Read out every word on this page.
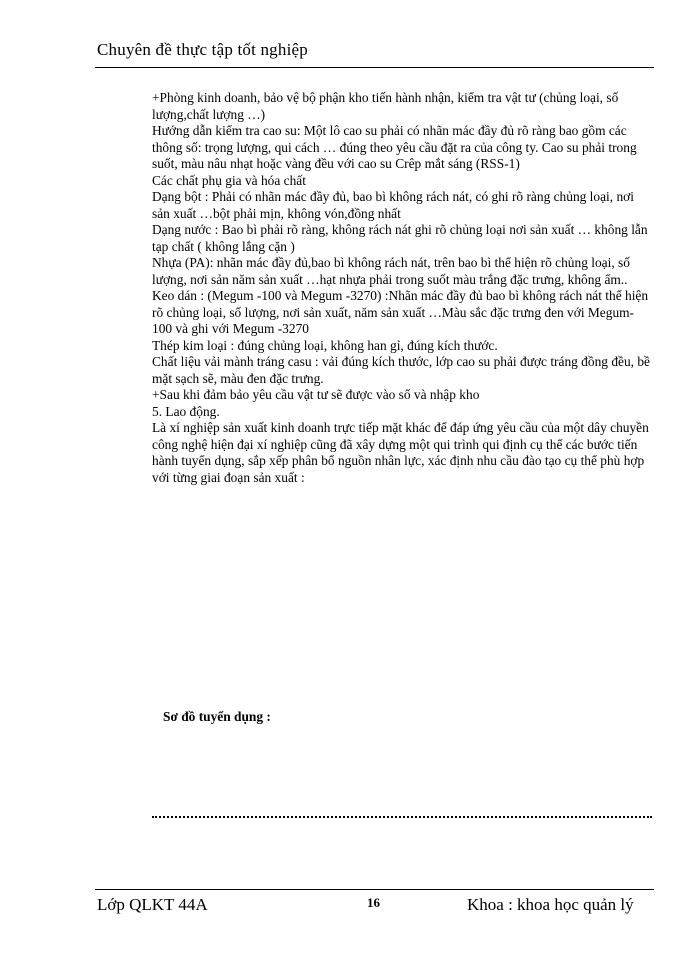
Chuyên đề thực tập tốt nghiệp

+Phòng kinh doanh, bảo vệ bộ phận kho tiến hành nhận, kiểm tra vật tư (chủng loại, số lượng,chất lượng …)

Hướng dẫn kiểm tra cao su: Một lô cao su phải có nhãn mác đầy đủ rõ ràng bao gồm các thông số: trọng lượng, qui cách … đúng theo yêu cầu đặt ra của công ty. Cao su phải trong suốt, màu nâu nhạt hoặc vàng đều với cao su Crêp mắt sáng (RSS-1)

Các chất phụ gia và hóa chất

Dạng bột : Phải có nhãn mác đầy đủ, bao bì không rách nát, có ghi rõ ràng chủng loại, nơi sản xuất …bột phải mịn, không vón,đồng nhất

Dạng nước : Bao bì phải rõ ràng, không rách nát ghi rõ chủng loại nơi sản xuất … không lẫn tạp chất ( không lắng cặn )

Nhựa (PA): nhãn mác đầy đủ,bao bì không rách nát, trên bao bì thể hiện rõ chủng loại, số lượng, nơi sản năm sản xuất …hạt nhựa phải trong suốt màu trắng đặc trưng, không ẩm..

Keo dán : (Megum -100 và Megum -3270) :Nhãn mác đầy đủ bao bì không rách nát thể hiện rõ chủng loại, số lượng, nơi sản xuất, năm sản xuất …Màu sắc đặc trưng đen với Megum-100 và ghi với Megum -3270

Thép kim loại : đúng chủng loại, không han gỉ, đúng kích thước.

Chất liệu vải mành tráng casu : vải đúng kích thước, lớp cao su phải được tráng đồng đều, bề mặt sạch sẽ, màu đen đặc trưng.

+Sau khi đảm bảo yêu cầu vật tư sẽ được vào sổ và nhập kho

5. Lao động.

Là xí nghiệp sản xuất kinh doanh trực tiếp mặt khác để đáp ứng yêu cầu của một dây chuyền công nghệ hiện đại xí nghiệp cũng đã xây dựng một qui trình qui định cụ thể các bước tiến hành tuyển dụng, sắp xếp phân bổ nguồn nhân lực, xác định nhu cầu đào tạo cụ thể phù hợp với từng giai đoạn sản xuất :

Sơ đồ tuyển dụng :
Lớp QLKT 44A	16	Khoa : khoa học quản lý
